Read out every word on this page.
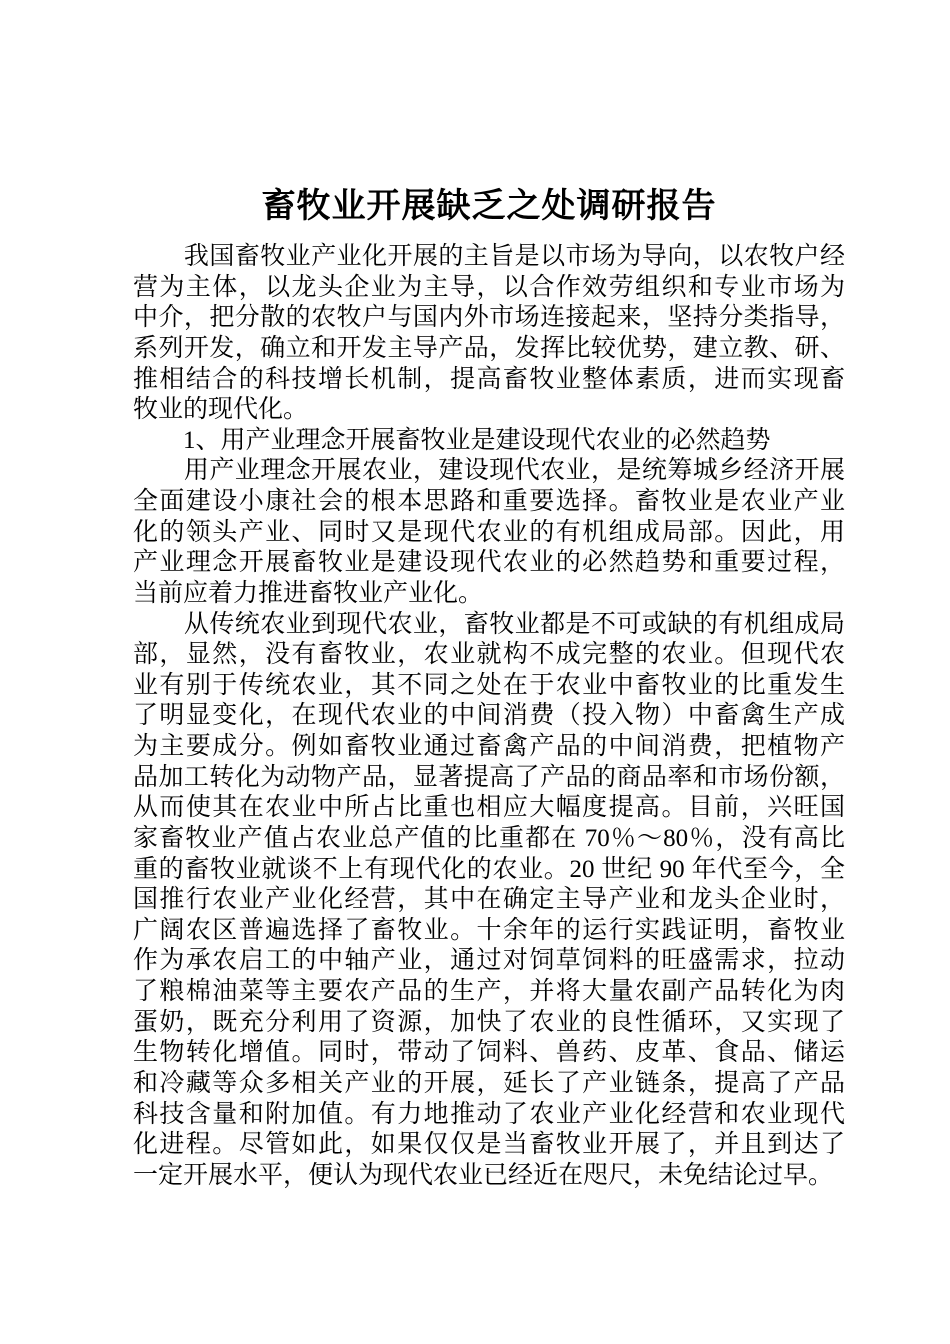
畜牧业开展缺乏之处调研报告
　　我国畜牧业产业化开展的主旨是以市场为导向，以农牧户经
营为主体，以龙头企业为主导，以合作效劳组织和专业市场为
中介，把分散的农牧户与国内外市场连接起来，坚持分类指导，
系列开发，确立和开发主导产品，发挥比较优势，建立教、研、
推相结合的科技增长机制，提高畜牧业整体素质，进而实现畜
牧业的现代化。
　　1、用产业理念开展畜牧业是建设现代农业的必然趋势
　　用产业理念开展农业，建设现代农业，是统筹城乡经济开展
全面建设小康社会的根本思路和重要选择。畜牧业是农业产业
化的领头产业、同时又是现代农业的有机组成局部。因此，用
产业理念开展畜牧业是建设现代农业的必然趋势和重要过程，
当前应着力推进畜牧业产业化。
　　从传统农业到现代农业，畜牧业都是不可或缺的有机组成局
部，显然，没有畜牧业，农业就构不成完整的农业。但现代农
业有别于传统农业，其不同之处在于农业中畜牧业的比重发生
了明显变化，在现代农业的中间消费（投入物）中畜禽生产成
为主要成分。例如畜牧业通过畜禽产品的中间消费，把植物产
品加工转化为动物产品，显著提高了产品的商品率和市场份额，
从而使其在农业中所占比重也相应大幅度提高。目前，兴旺国
家畜牧业产值占农业总产值的比重都在 70％～80％，没有高比
重的畜牧业就谈不上有现代化的农业。20 世纪 90 年代至今，全
国推行农业产业化经营，其中在确定主导产业和龙头企业时，
广阔农区普遍选择了畜牧业。十余年的运行实践证明，畜牧业
作为承农启工的中轴产业，通过对饲草饲料的旺盛需求，拉动
了粮棉油菜等主要农产品的生产，并将大量农副产品转化为肉
蛋奶，既充分利用了资源，加快了农业的良性循环，又实现了
生物转化增值。同时，带动了饲料、兽药、皮革、食品、储运
和冷藏等众多相关产业的开展，延长了产业链条，提高了产品
科技含量和附加值。有力地推动了农业产业化经营和农业现代
化进程。尽管如此，如果仅仅是当畜牧业开展了，并且到达了
一定开展水平，便认为现代农业已经近在咫尺，未免结论过早。
